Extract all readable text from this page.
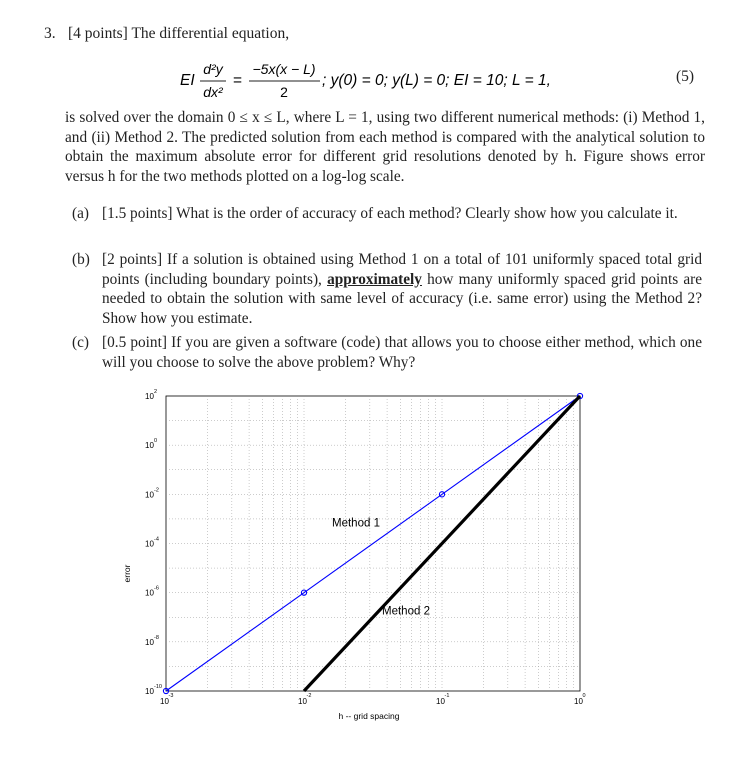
3. [4 points] The differential equation,
EI
d²y
dx²
=
−5x(x − L)
2
; y(0) = 0; y(L) = 0; EI = 10; L = 1,	(5)
is solved over the domain 0 ≤ x ≤ L, where L = 1, using two different numerical methods: (i) Method 1, and (ii) Method 2. The predicted solution from each method is compared with the analytical solution to obtain the maximum absolute error for different grid resolutions denoted by h. Figure shows error versus h for the two methods plotted on a log-log scale.
(a) [1.5 points] What is the order of accuracy of each method? Clearly show how you calculate it.
(b) [2 points] If a solution is obtained using Method 1 on a total of 101 uniformly spaced total grid points (including boundary points), approximately how many uniformly spaced grid points are needed to obtain the solution with same level of accuracy (i.e. same error) using the Method 2? Show how you estimate.
(c) [0.5 point] If you are given a software (code) that allows you to choose either method, which one will you choose to solve the above problem? Why?
10
-3
10
-2
10
-1
10
0
10 2
10 0
10 -2
10 -4
10 -6
10 -8
10 -10
h -- grid spacing
error
Method 1
Method 2
